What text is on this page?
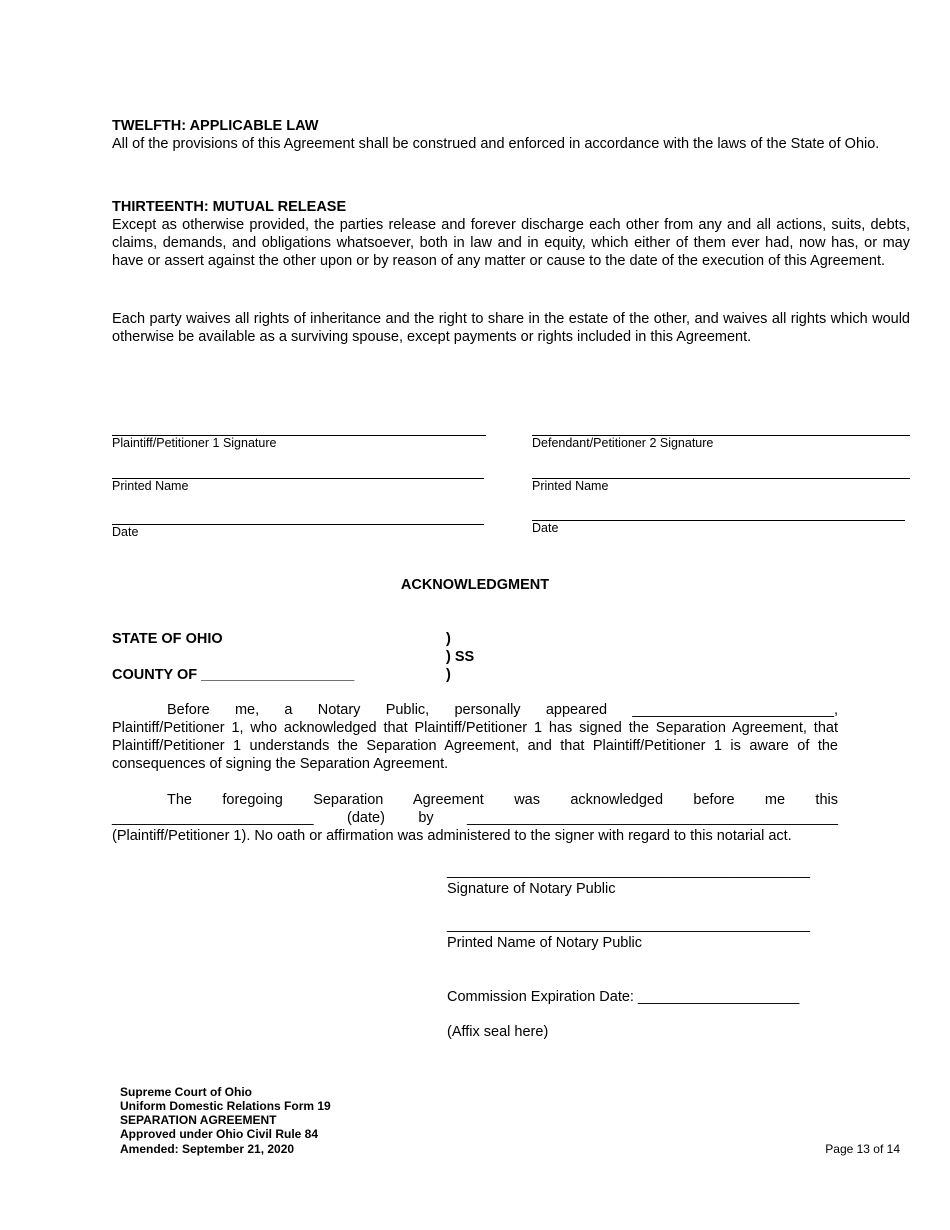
TWELFTH: APPLICABLE LAW
All of the provisions of this Agreement shall be construed and enforced in accordance with the laws of the State of Ohio.
THIRTEENTH: MUTUAL RELEASE
Except as otherwise provided, the parties release and forever discharge each other from any and all actions, suits, debts, claims, demands, and obligations whatsoever, both in law and in equity, which either of them ever had, now has, or may have or assert against the other upon or by reason of any matter or cause to the date of the execution of this Agreement.
Each party waives all rights of inheritance and the right to share in the estate of the other, and waives all rights which would otherwise be available as a surviving spouse, except payments or rights included in this Agreement.
Plaintiff/Petitioner 1 Signature
Printed Name
Date
Defendant/Petitioner 2 Signature
Printed Name
Date
ACKNOWLEDGMENT
STATE OF OHIO
COUNTY OF ___________________
)
) SS
)
Before me, a Notary Public, personally appeared _________________________,
Plaintiff/Petitioner 1, who acknowledged that Plaintiff/Petitioner 1 has signed the Separation Agreement, that Plaintiff/Petitioner 1 understands the Separation Agreement, and that Plaintiff/Petitioner 1 is aware of the consequences of signing the Separation Agreement.
The foregoing Separation Agreement was acknowledged before me this
_________________________ (date) by ______________________________________________
(Plaintiff/Petitioner 1). No oath or affirmation was administered to the signer with regard to this notarial act.
_____________________________________________
Signature of Notary Public
_____________________________________________
Printed Name of Notary Public
Commission Expiration Date: ____________________
(Affix seal here)
Supreme Court of Ohio
Uniform Domestic Relations Form 19
SEPARATION AGREEMENT
Approved under Ohio Civil Rule 84
Amended: September 21, 2020	Page 13 of 14
